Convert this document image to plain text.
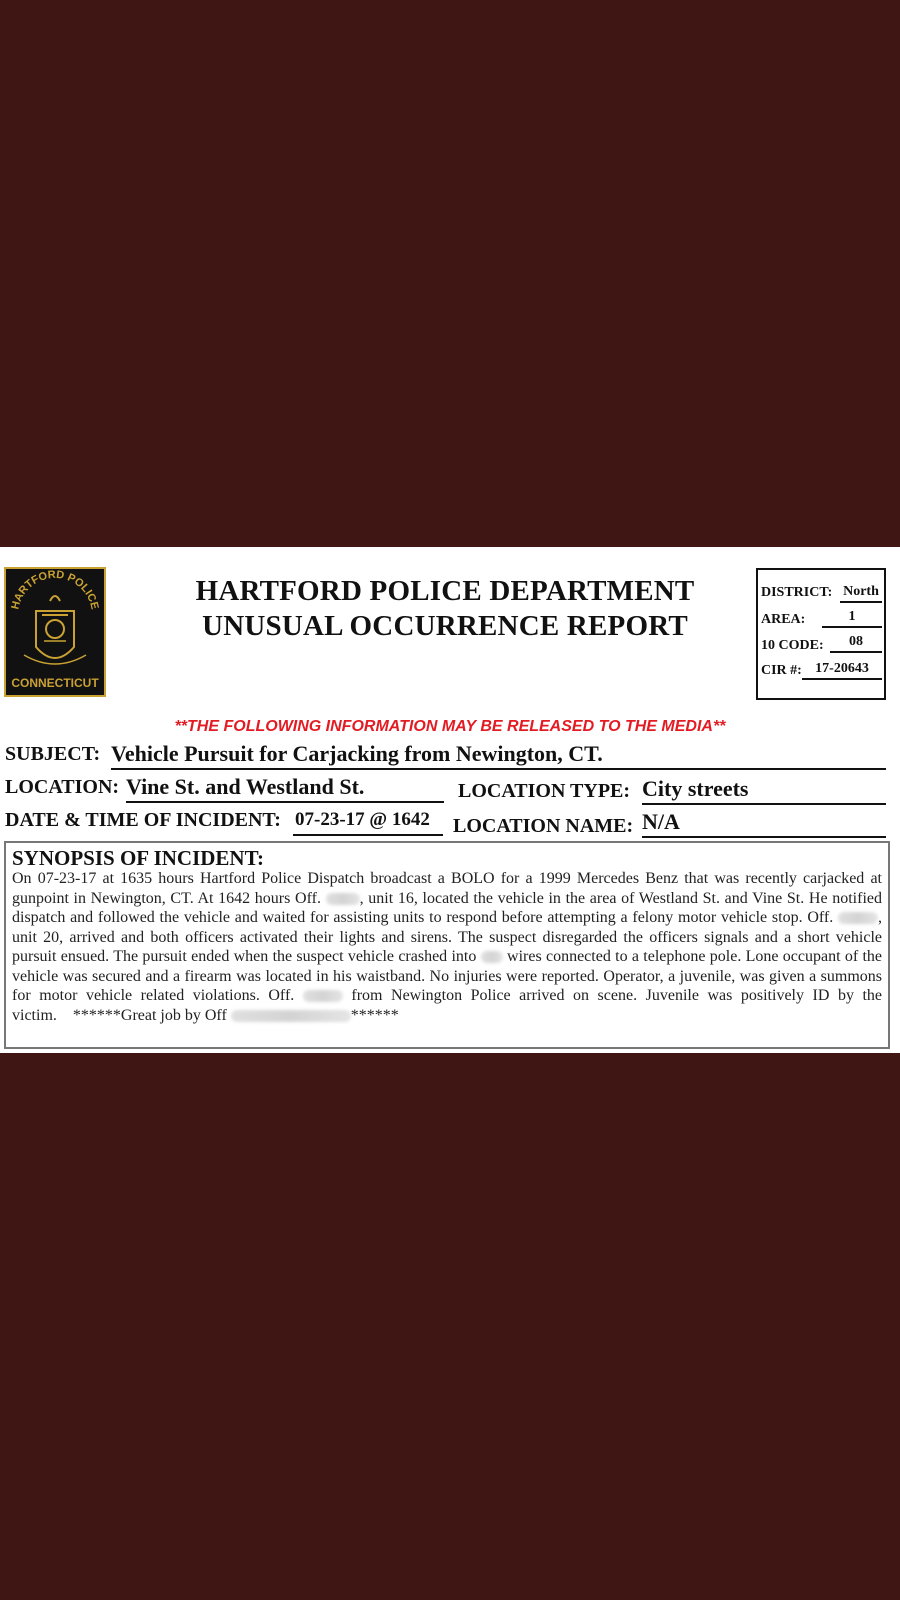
HARTFORD POLICE
CONNECTICUT
HARTFORD POLICE DEPARTMENT
UNUSUAL OCCURRENCE REPORT
DISTRICT: North
AREA:	1
10 CODE:	08
CIR #: 17-20643
**THE FOLLOWING INFORMATION MAY BE RELEASED TO THE MEDIA**
SUBJECT: Vehicle Pursuit for Carjacking from Newington, CT.
LOCATION: Vine St. and Westland St.	LOCATION TYPE: City streets
DATE & TIME OF INCIDENT: 07-23-17 @ 1642	LOCATION NAME: N/A
SYNOPSIS OF INCIDENT:

On 07-23-17 at 1635 hours Hartford Police Dispatch broadcast a BOLO for a 1999 Mercedes Benz that was recently carjacked at gunpoint in Newington, CT. At 1642 hours Off. , unit 16, located the vehicle in the area of Westland St. and Vine St. He notified dispatch and followed the vehicle and waited for assisting units to respond before attempting a felony motor vehicle stop. Off.	, unit 20, arrived and both officers activated their lights and sirens. The suspect disregarded the officers signals and a short vehicle pursuit ensued. The pursuit ended when the suspect vehicle crashed into wires connected to a telephone pole. Lone occupant of the vehicle was secured and a firearm was located in his waistband. No injuries were reported. Operator, a juvenile, was given a summons for motor vehicle related violations. Off.	from Newington Police arrived on scene. Juvenile was positively ID by the victim. ******Great job by Off	******
